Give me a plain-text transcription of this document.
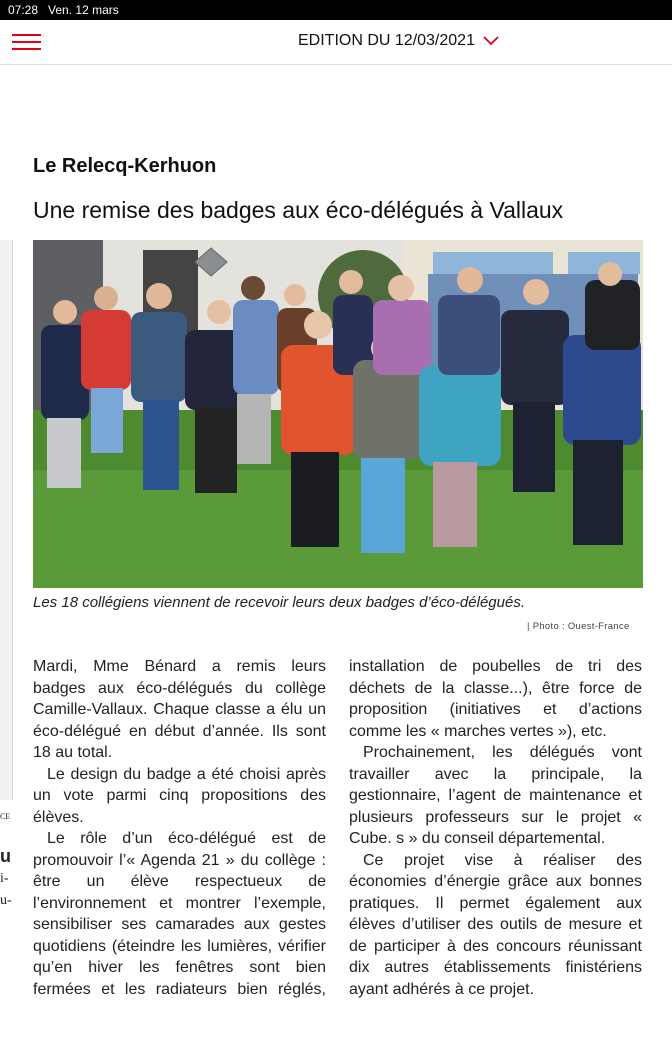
07:28 Ven. 12 mars
EDITION DU 12/03/2021
CE
u
i-
u-
Le Relecq-Kerhuon
Une remise des badges aux éco-délégués à Vallaux
Les 18 collégiens viennent de recevoir leurs deux badges d’éco-délégués.
| Photo : Ouest-France

Mardi, Mme Bénard a remis leurs badges aux éco-délégués du collège Camille-Vallaux. Chaque classe a élu un éco-délégué en début d’année. Ils sont 18 au total.

Le design du badge a été choisi après un vote parmi cinq propositions des élèves.

Le rôle d’un éco-délégué est de promouvoir l’« Agenda 21 » du collège : être un élève respectueux de l’environnement et montrer l’exemple, sensibiliser ses camarades aux gestes quotidiens (éteindre les lumières, vérifier qu’en hiver les fenêtres sont bien fermées et les radiateurs bien réglés,

installation de poubelles de tri des déchets de la classe...), être force de proposition (initiatives et d’actions comme les « marches vertes »), etc.

Prochainement, les délégués vont travailler avec la principale, la gestionnaire, l’agent de maintenance et plusieurs professeurs sur le projet « Cube. s » du conseil départemental.

Ce projet vise à réaliser des économies d’énergie grâce aux bonnes pratiques. Il permet également aux élèves d’utiliser des outils de mesure et de participer à des concours réunissant dix autres établissements finistériens ayant adhérés à ce projet.
